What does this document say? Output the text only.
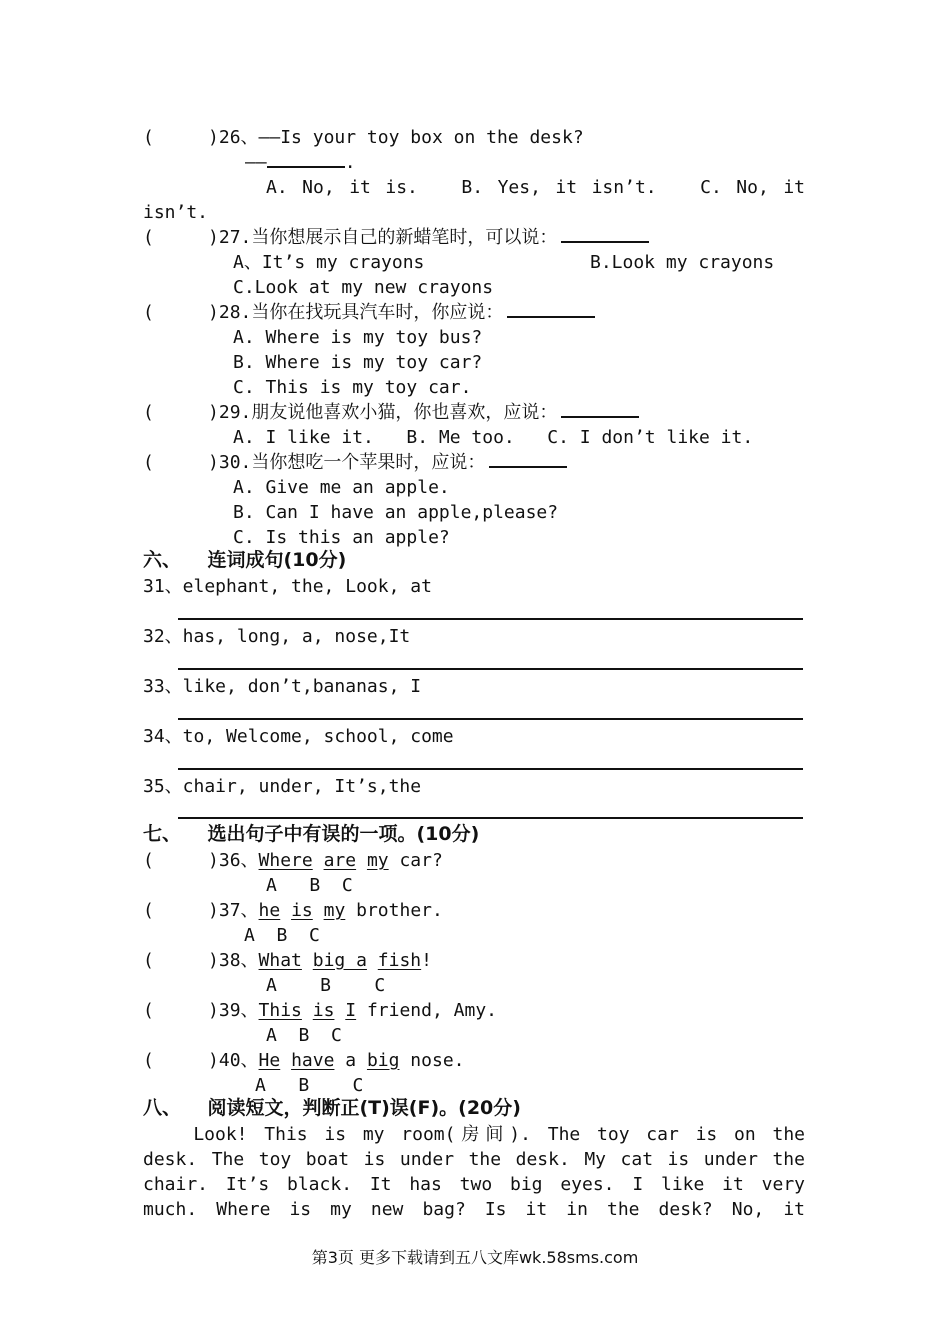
(     )26、——Is your toy box on the desk?
——	.
A. No, it is.   B. Yes, it isn’t.   C. No, it
isn’t.
(     )27.当你想展示自己的新蜡笔时，可以说：
A、It’s my crayons	B.Look my crayons
C.Look at my new crayons
(     )28.当你在找玩具汽车时，你应说：
A. Where is my toy bus?
B. Where is my toy car?
C. This is my toy car.
(     )29.朋友说他喜欢小猫，你也喜欢，应说：
A. I like it.   B. Me too.   C. I don’t like it.
(     )30.当你想吃一个苹果时，应说：
A. Give me an apple.
B. Can I have an apple,please?
C. Is this an apple?
六、    连词成句(10分)
31、elephant, the, Look, at
32、has, long, a, nose,It
33、like, don’t,bananas, I
34、to, Welcome, school, come
35、chair, under, It’s,the
七、    选出句子中有误的一项。(10分)
(     )36、Where are my car?
A   B  C
(     )37、he is my brother.
A  B  C
(     )38、What big a fish!
A    B    C
(     )39、This is I friend, Amy.
A  B  C
(     )40、He have a big nose.
A   B    C
八、    阅读短文，判断正(T)误(F)。(20分)
Look! This is my room(房间). The toy car is on the
desk. The toy boat is under the desk. My cat is under the
chair. It’s black. It has two big eyes. I like it very
much. Where is my new bag? Is it in the desk? No, it
第3页 更多下载请到五八文库wk.58sms.com
